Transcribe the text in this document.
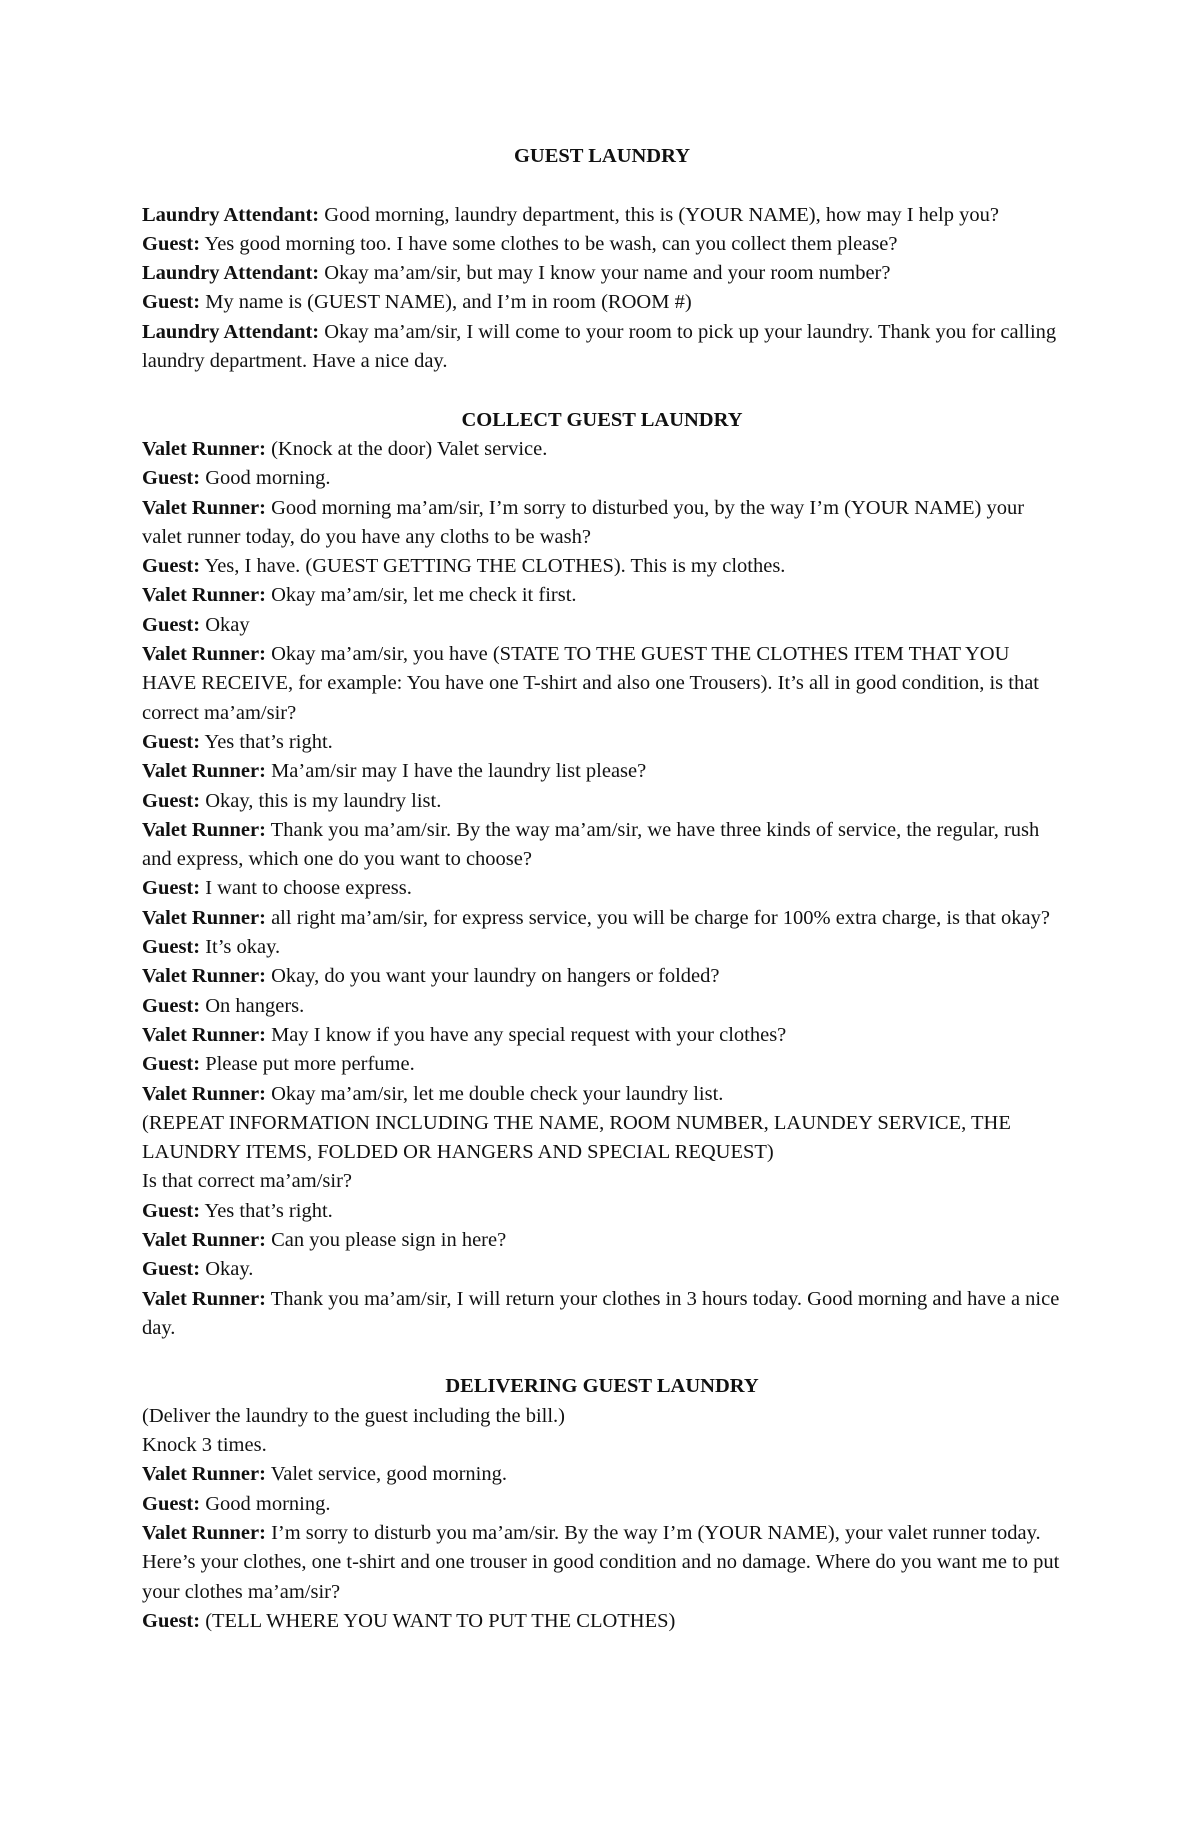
GUEST LAUNDRY

Laundry Attendant: Good morning, laundry department, this is (YOUR NAME), how may I help you?

Guest: Yes good morning too. I have some clothes to be wash, can you collect them please?

Laundry Attendant: Okay ma’am/sir, but may I know your name and your room number?

Guest: My name is (GUEST NAME), and I’m in room (ROOM #)

Laundry Attendant: Okay ma’am/sir, I will come to your room to pick up your laundry. Thank you for calling laundry department. Have a nice day.

COLLECT GUEST LAUNDRY

Valet Runner: (Knock at the door) Valet service.

Guest: Good morning.

Valet Runner: Good morning ma’am/sir, I’m sorry to disturbed you, by the way I’m (YOUR NAME) your valet runner today, do you have any cloths to be wash?

Guest: Yes, I have. (GUEST GETTING THE CLOTHES). This is my clothes.

Valet Runner: Okay ma’am/sir, let me check it first.

Guest: Okay

Valet Runner: Okay ma’am/sir, you have (STATE TO THE GUEST THE CLOTHES ITEM THAT YOU HAVE RECEIVE, for example: You have one T-shirt and also one Trousers). It’s all in good condition, is that correct ma’am/sir?

Guest: Yes that’s right.

Valet Runner: Ma’am/sir may I have the laundry list please?

Guest: Okay, this is my laundry list.

Valet Runner: Thank you ma’am/sir. By the way ma’am/sir, we have three kinds of service, the regular, rush and express, which one do you want to choose?

Guest: I want to choose express.

Valet Runner: all right ma’am/sir, for express service, you will be charge for 100% extra charge, is that okay?

Guest: It’s okay.

Valet Runner: Okay, do you want your laundry on hangers or folded?

Guest: On hangers.

Valet Runner: May I know if you have any special request with your clothes?

Guest: Please put more perfume.

Valet Runner: Okay ma’am/sir, let me double check your laundry list.

(REPEAT INFORMATION INCLUDING THE NAME, ROOM NUMBER, LAUNDEY SERVICE, THE LAUNDRY ITEMS, FOLDED OR HANGERS AND SPECIAL REQUEST)

Is that correct ma’am/sir?

Guest: Yes that’s right.

Valet Runner: Can you please sign in here?

Guest: Okay.

Valet Runner: Thank you ma’am/sir, I will return your clothes in 3 hours today. Good morning and have a nice day.

DELIVERING GUEST LAUNDRY

(Deliver the laundry to the guest including the bill.)

Knock 3 times.

Valet Runner: Valet service, good morning.

Guest: Good morning.

Valet Runner: I’m sorry to disturb you ma’am/sir. By the way I’m (YOUR NAME), your valet runner today. Here’s your clothes, one t-shirt and one trouser in good condition and no damage. Where do you want me to put your clothes ma’am/sir?

Guest: (TELL WHERE YOU WANT TO PUT THE CLOTHES)
